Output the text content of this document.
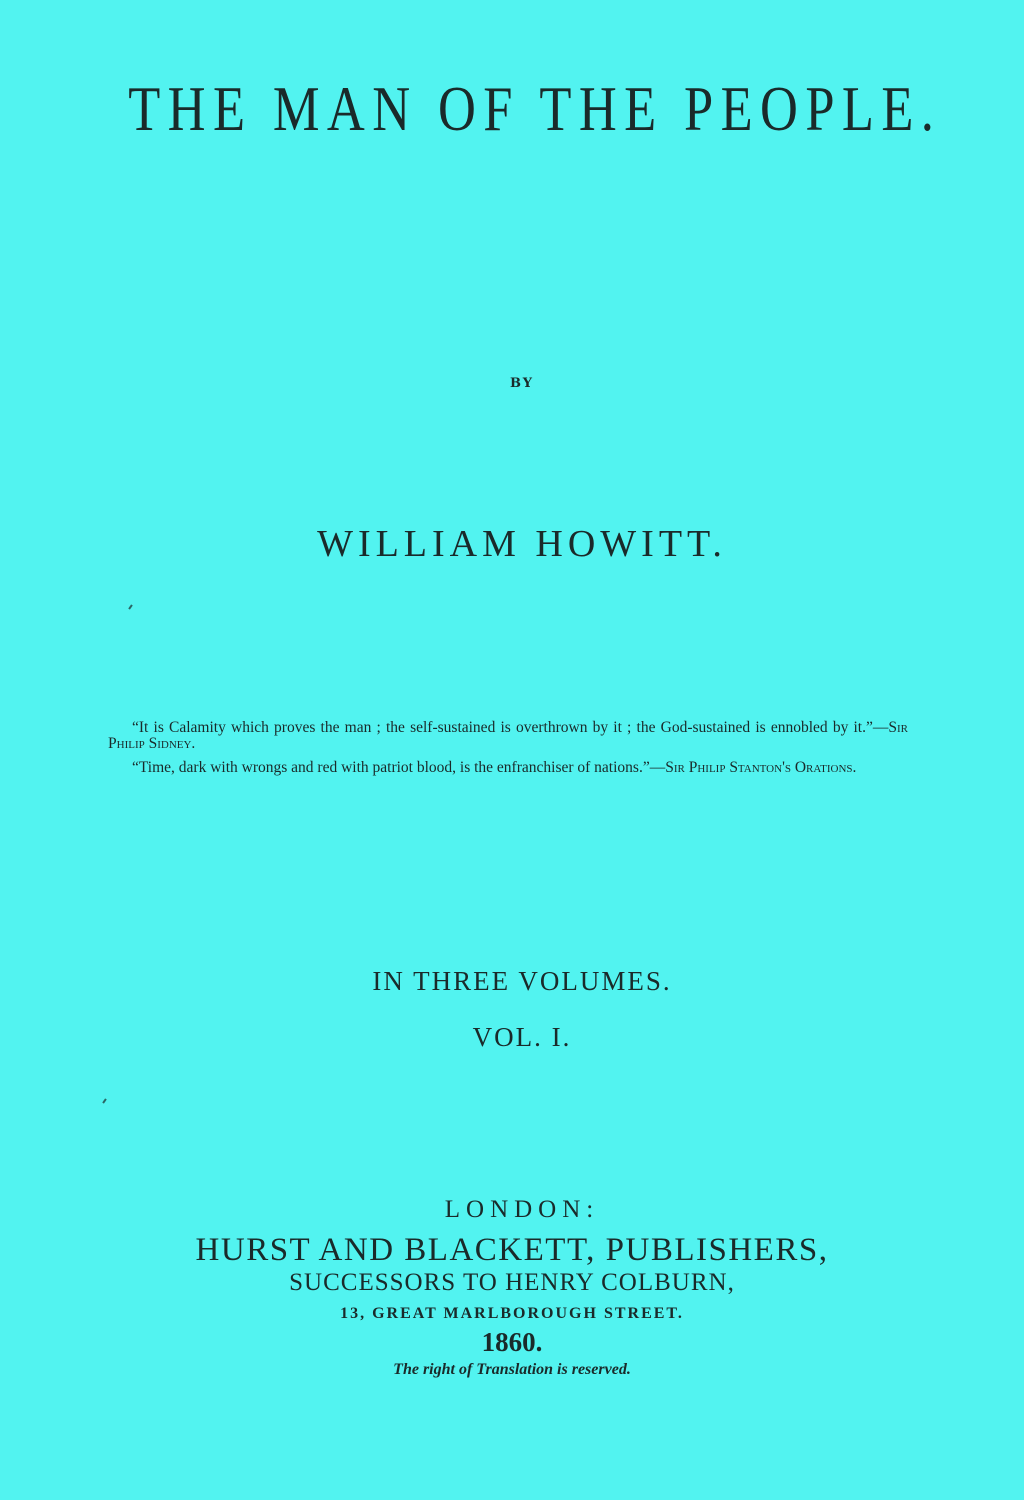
THE MAN OF THE PEOPLE.
BY
WILLIAM HOWITT.

“It is Calamity which proves the man ; the self-sustained is overthrown by it ; the God-sustained is ennobled by it.”—Sir Philip Sidney.

“Time, dark with wrongs and red with patriot blood, is the enfranchiser of nations.”—Sir Philip Stanton's Orations.

IN THREE VOLUMES.
VOL. I.
LONDON:
HURST AND BLACKETT, PUBLISHERS,
SUCCESSORS TO HENRY COLBURN,
13, GREAT MARLBOROUGH STREET.
1860.
The right of Translation is reserved.
